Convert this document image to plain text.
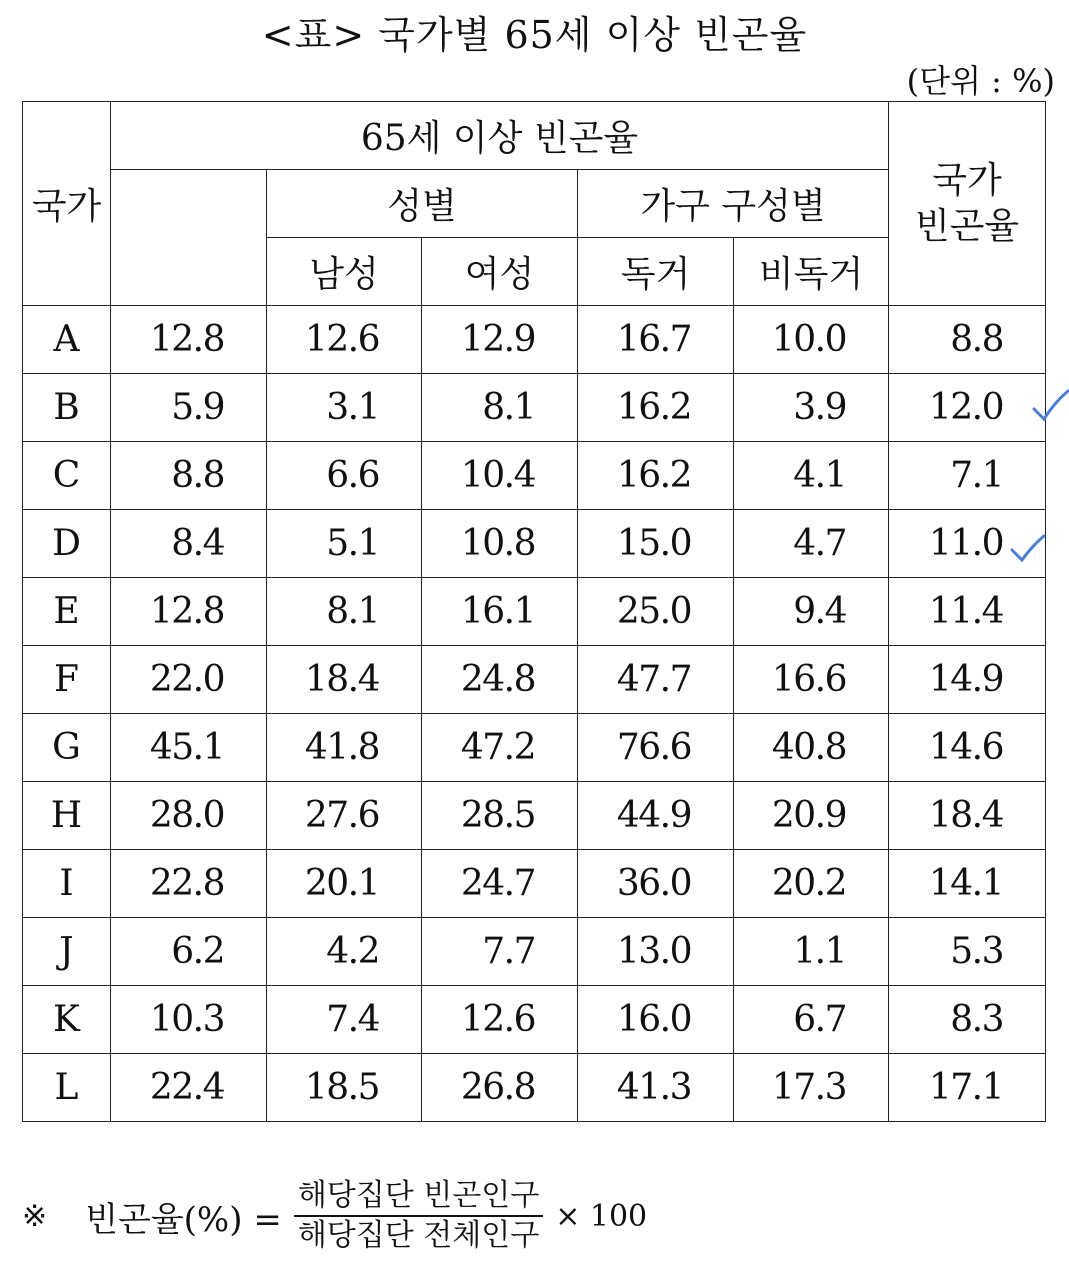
<표> 국가별 65세 이상 빈곤율
(단위 : %)
국가	65세 이상 빈곤율					국가
빈곤율
		성별		가구 구성별		
		남성	여성	독거	비독거	
A	12.8	12.6	12.9	16.7	10.0	8.8
B	5.9	3.1	8.1	16.2	3.9	12.0
C	8.8	6.6	10.4	16.2	4.1	7.1
D	8.4	5.1	10.8	15.0	4.7	11.0
E	12.8	8.1	16.1	25.0	9.4	11.4
F	22.0	18.4	24.8	47.7	16.6	14.9
G	45.1	41.8	47.2	76.6	40.8	14.6
H	28.0	27.6	28.5	44.9	20.9	18.4
I	22.8	20.1	24.7	36.0	20.2	14.1
J	6.2	4.2	7.7	13.0	1.1	5.3
K	10.3	7.4	12.6	16.0	6.7	8.3
L	22.4	18.5	26.8	41.3	17.3	17.1
※ 빈곤율(%) = $\frac{\text{해당집단 빈곤인구}}{\text{해당집단 전체인구}} \times 100$
